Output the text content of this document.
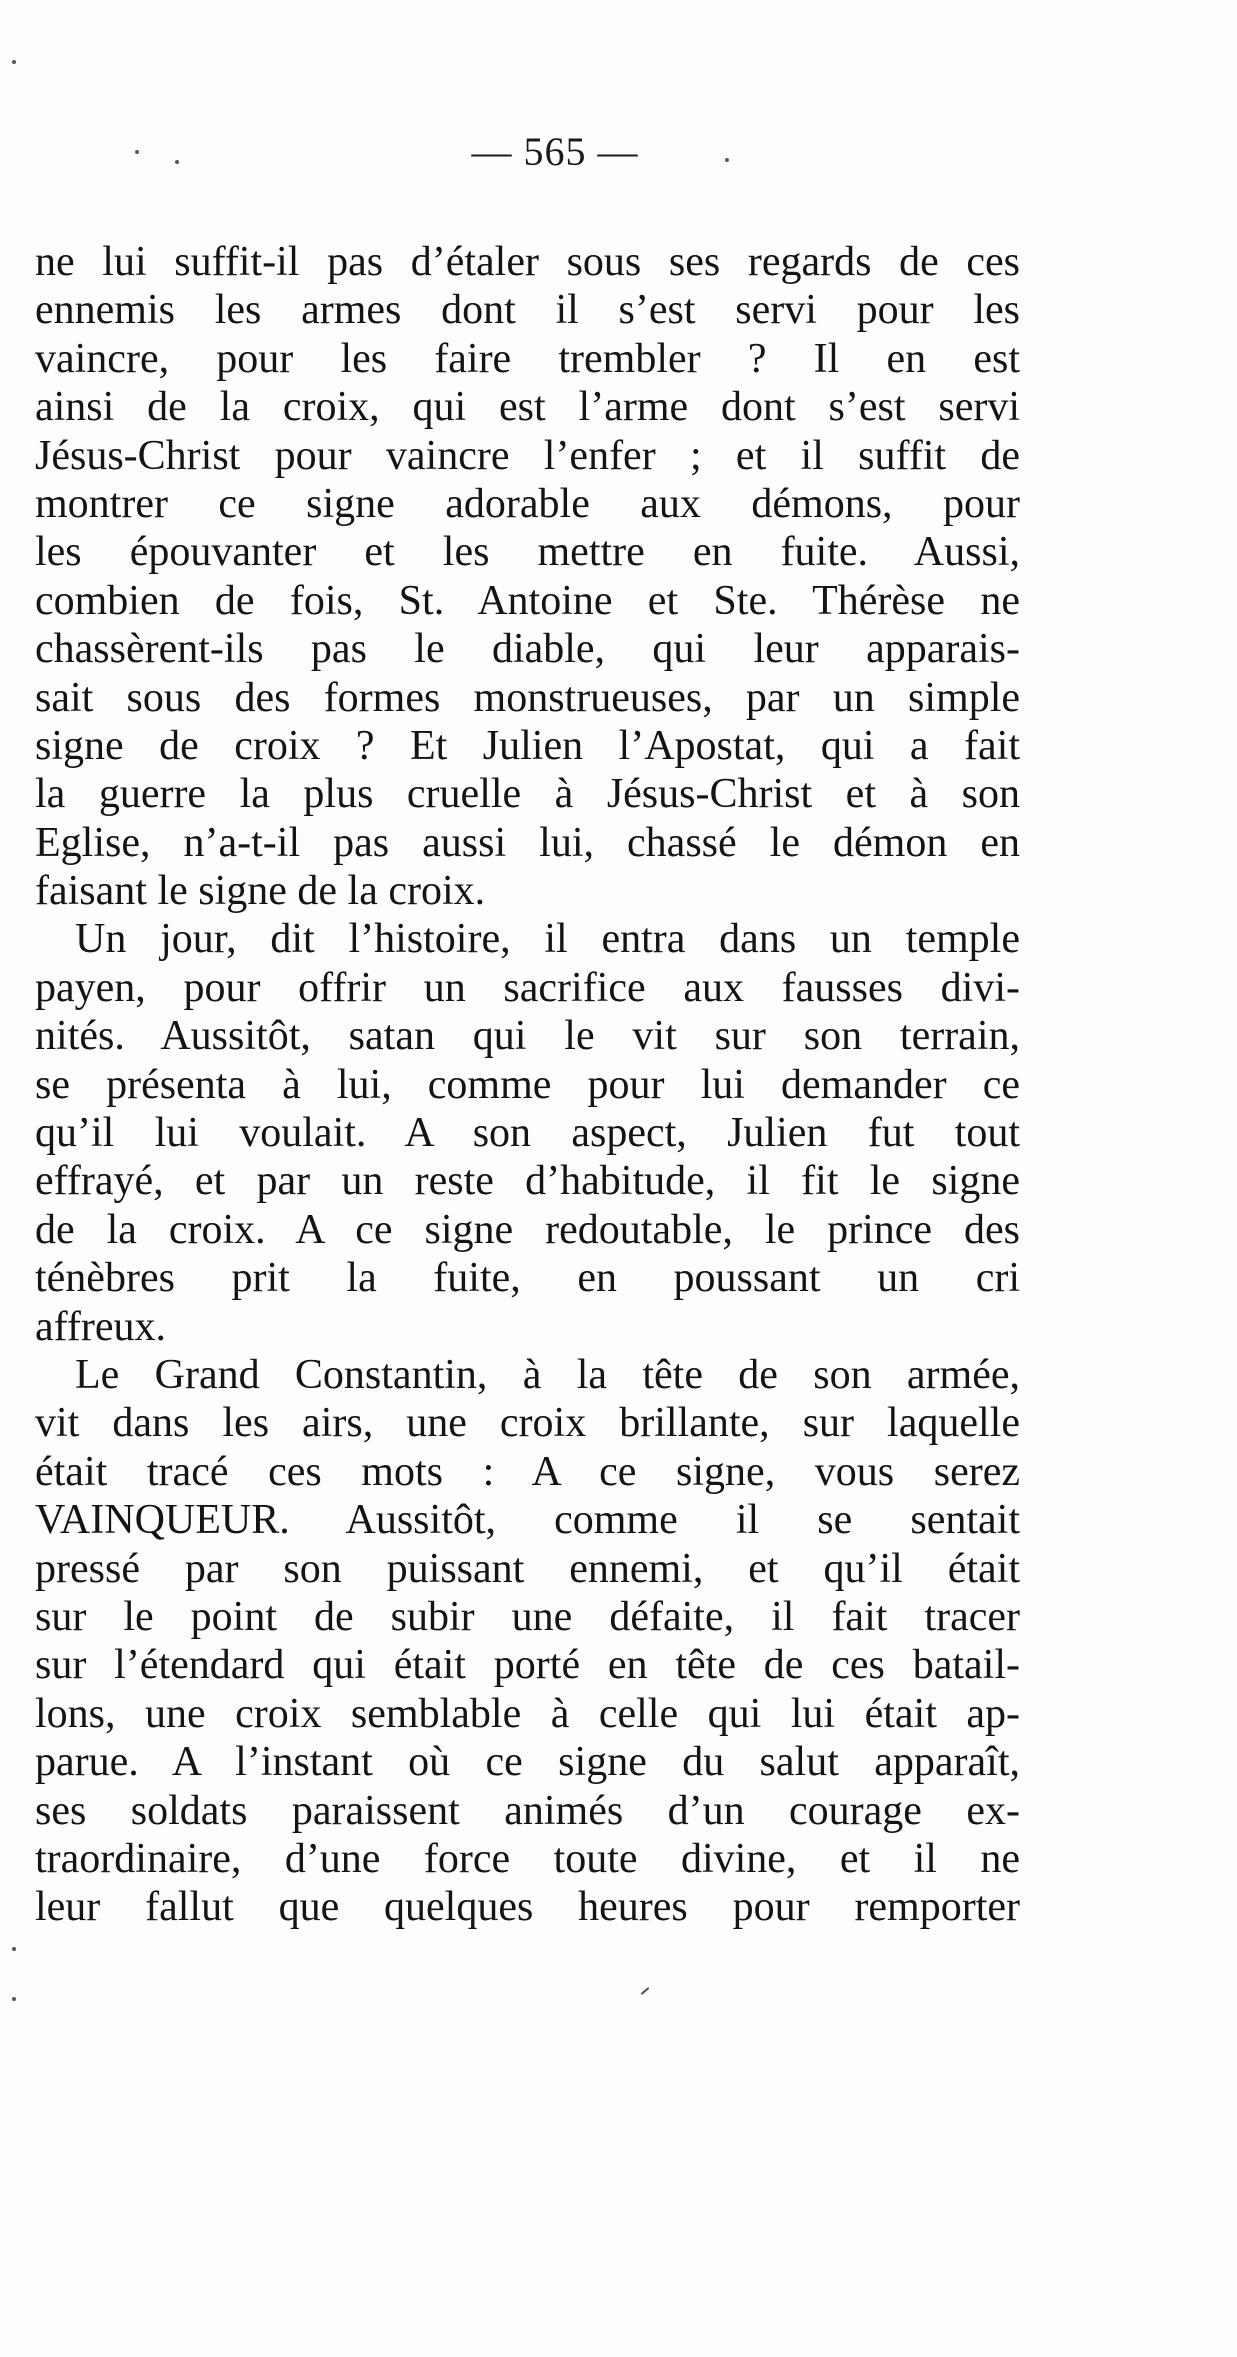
— 565 —
ne lui suffit-il pas d’étaler sous ses regards de ces
ennemis les armes dont il s’est servi pour les
vaincre, pour les faire trembler ? Il en est
ainsi de la croix, qui est l’arme dont s’est servi
Jésus-Christ pour vaincre l’enfer ; et il suffit de
montrer ce signe adorable aux démons, pour
les épouvanter et les mettre en fuite. Aussi,
combien de fois, St. Antoine et Ste. Thérèse ne
chassèrent-ils pas le diable, qui leur apparais-
sait sous des formes monstrueuses, par un simple
signe de croix ? Et Julien l’Apostat, qui a fait
la guerre la plus cruelle à Jésus-Christ et à son
Eglise, n’a-t-il pas aussi lui, chassé le démon en
faisant le signe de la croix.
Un jour, dit l’histoire, il entra dans un temple
payen, pour offrir un sacrifice aux fausses divi-
nités. Aussitôt, satan qui le vit sur son terrain,
se présenta à lui, comme pour lui demander ce
qu’il lui voulait. A son aspect, Julien fut tout
effrayé, et par un reste d’habitude, il fit le signe
de la croix. A ce signe redoutable, le prince des
ténèbres prit la fuite, en poussant un cri
affreux.
Le Grand Constantin, à la tête de son armée,
vit dans les airs, une croix brillante, sur laquelle
était tracé ces mots : A ce signe, vous serez
VAINQUEUR. Aussitôt, comme il se sentait
pressé par son puissant ennemi, et qu’il était
sur le point de subir une défaite, il fait tracer
sur l’étendard qui était porté en tête de ces batail-
lons, une croix semblable à celle qui lui était ap-
parue. A l’instant où ce signe du salut apparaît,
ses soldats paraissent animés d’un courage ex-
traordinaire, d’une force toute divine, et il ne
leur fallut que quelques heures pour remporter
